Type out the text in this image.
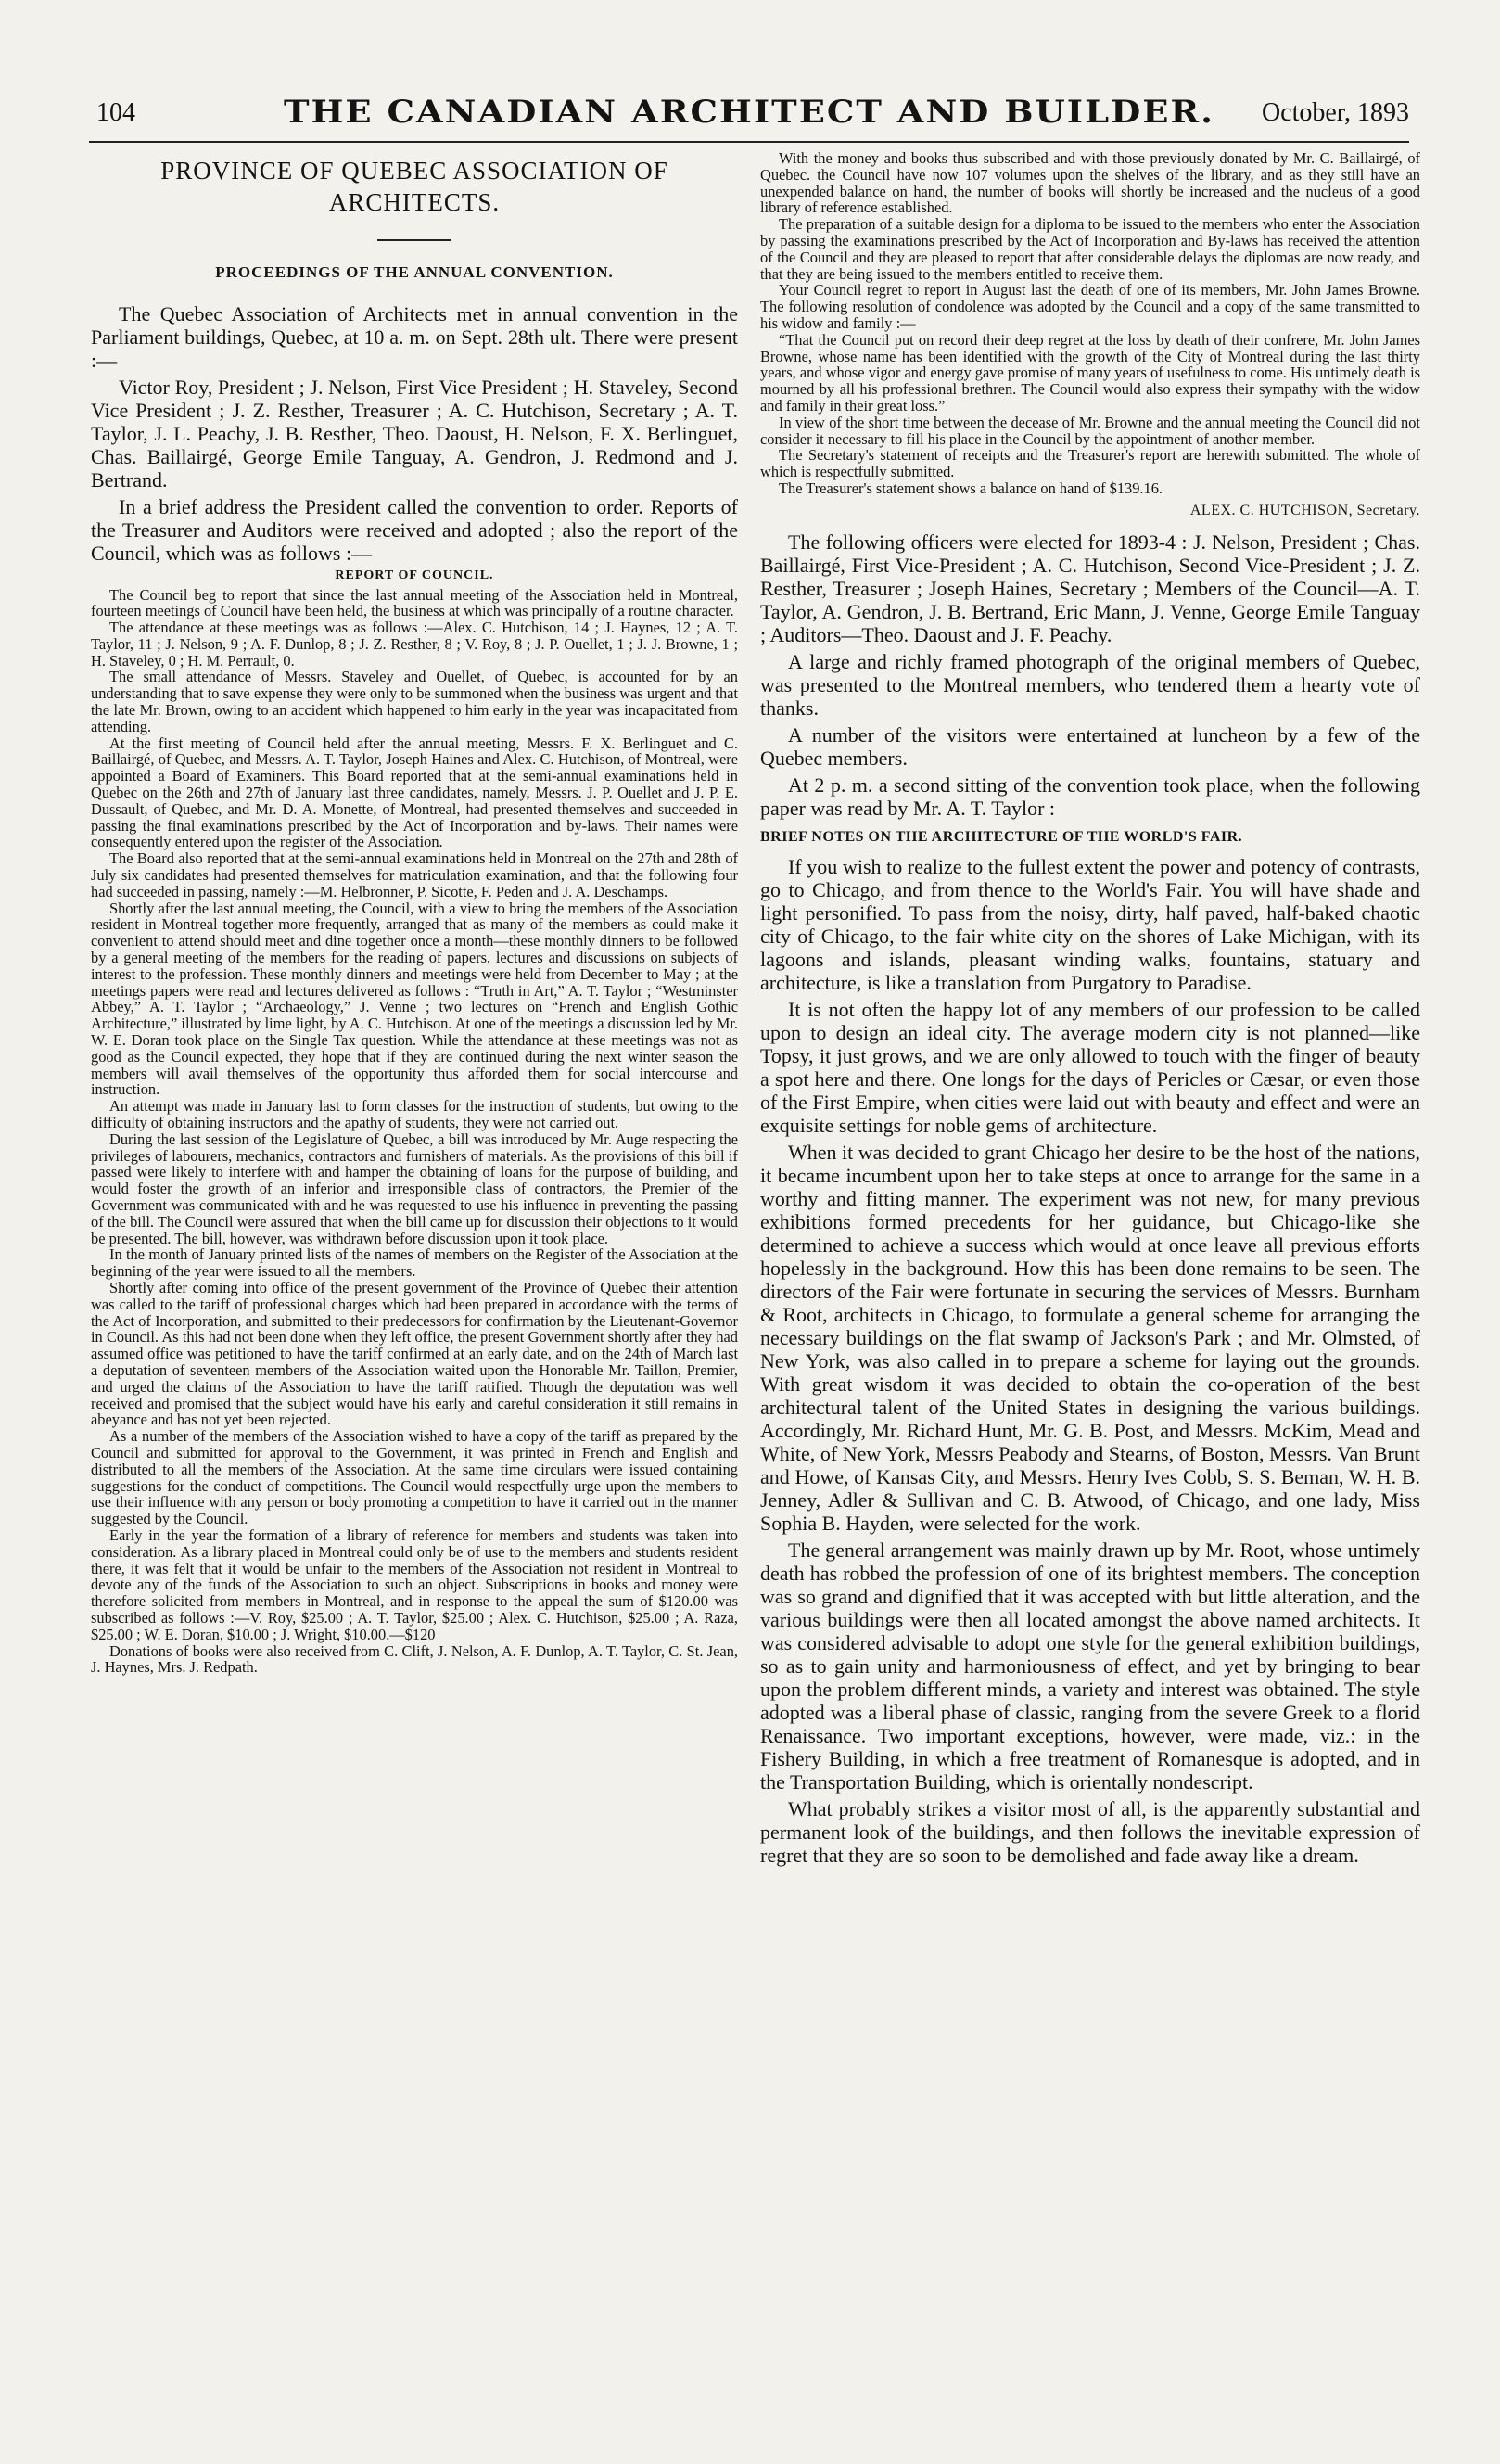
104	THE CANADIAN ARCHITECT AND BUILDER.	October, 1893
PROVINCE OF QUEBEC ASSOCIATION OF ARCHITECTS.
PROCEEDINGS OF THE ANNUAL CONVENTION.

The Quebec Association of Architects met in annual convention in the Parliament buildings, Quebec, at 10 a. m. on Sept. 28th ult. There were present :—

Victor Roy, President ; J. Nelson, First Vice President ; H. Staveley, Second Vice President ; J. Z. Resther, Treasurer ; A. C. Hutchison, Secretary ; A. T. Taylor, J. L. Peachy, J. B. Resther, Theo. Daoust, H. Nelson, F. X. Berlinguet, Chas. Baillairgé, George Emile Tanguay, A. Gendron, J. Redmond and J. Bertrand.

In a brief address the President called the convention to order. Reports of the Treasurer and Auditors were received and adopted ; also the report of the Council, which was as follows :—

REPORT OF COUNCIL.

The Council beg to report that since the last annual meeting of the Association held in Montreal, fourteen meetings of Council have been held, the business at which was principally of a routine character.

The attendance at these meetings was as follows :—Alex. C. Hutchison, 14 ; J. Haynes, 12 ; A. T. Taylor, 11 ; J. Nelson, 9 ; A. F. Dunlop, 8 ; J. Z. Resther, 8 ; V. Roy, 8 ; J. P. Ouellet, 1 ; J. J. Browne, 1 ; H. Staveley, 0 ; H. M. Perrault, 0.

The small attendance of Messrs. Staveley and Ouellet, of Quebec, is accounted for by an understanding that to save expense they were only to be summoned when the business was urgent and that the late Mr. Brown, owing to an accident which happened to him early in the year was incapacitated from attending.

At the first meeting of Council held after the annual meeting, Messrs. F. X. Berlinguet and C. Baillairgé, of Quebec, and Messrs. A. T. Taylor, Joseph Haines and Alex. C. Hutchison, of Montreal, were appointed a Board of Examiners. This Board reported that at the semi-annual examinations held in Quebec on the 26th and 27th of January last three candidates, namely, Messrs. J. P. Ouellet and J. P. E. Dussault, of Quebec, and Mr. D. A. Monette, of Montreal, had presented themselves and succeeded in passing the final examinations prescribed by the Act of Incorporation and by-laws. Their names were consequently entered upon the register of the Association.

The Board also reported that at the semi-annual examinations held in Montreal on the 27th and 28th of July six candidates had presented themselves for matriculation examination, and that the following four had succeeded in passing, namely :—M. Helbronner, P. Sicotte, F. Peden and J. A. Deschamps.

Shortly after the last annual meeting, the Council, with a view to bring the members of the Association resident in Montreal together more frequently, arranged that as many of the members as could make it convenient to attend should meet and dine together once a month—these monthly dinners to be followed by a general meeting of the members for the reading of papers, lectures and discussions on subjects of interest to the profession. These monthly dinners and meetings were held from December to May ; at the meetings papers were read and lectures delivered as follows : “Truth in Art,” A. T. Taylor ; “Westminster Abbey,” A. T. Taylor ; “Archaeology,” J. Venne ; two lectures on “French and English Gothic Architecture,” illustrated by lime light, by A. C. Hutchison. At one of the meetings a discussion led by Mr. W. E. Doran took place on the Single Tax question. While the attendance at these meetings was not as good as the Council expected, they hope that if they are continued during the next winter season the members will avail themselves of the opportunity thus afforded them for social intercourse and instruction.

An attempt was made in January last to form classes for the instruction of students, but owing to the difficulty of obtaining instructors and the apathy of students, they were not carried out.

During the last session of the Legislature of Quebec, a bill was introduced by Mr. Auge respecting the privileges of labourers, mechanics, contractors and furnishers of materials. As the provisions of this bill if passed were likely to interfere with and hamper the obtaining of loans for the purpose of building, and would foster the growth of an inferior and irresponsible class of contractors, the Premier of the Government was communicated with and he was requested to use his influence in preventing the passing of the bill. The Council were assured that when the bill came up for discussion their objections to it would be presented. The bill, however, was withdrawn before discussion upon it took place.

In the month of January printed lists of the names of members on the Register of the Association at the beginning of the year were issued to all the members.

Shortly after coming into office of the present government of the Province of Quebec their attention was called to the tariff of professional charges which had been prepared in accordance with the terms of the Act of Incorporation, and submitted to their predecessors for confirmation by the Lieutenant-Governor in Council. As this had not been done when they left office, the present Government shortly after they had assumed office was petitioned to have the tariff confirmed at an early date, and on the 24th of March last a deputation of seventeen members of the Association waited upon the Honorable Mr. Taillon, Premier, and urged the claims of the Association to have the tariff ratified. Though the deputation was well received and promised that the subject would have his early and careful consideration it still remains in abeyance and has not yet been rejected.

As a number of the members of the Association wished to have a copy of the tariff as prepared by the Council and submitted for approval to the Government, it was printed in French and English and distributed to all the members of the Association. At the same time circulars were issued containing suggestions for the conduct of competitions. The Council would respectfully urge upon the members to use their influence with any person or body promoting a competition to have it carried out in the manner suggested by the Council.

Early in the year the formation of a library of reference for members and students was taken into consideration. As a library placed in Montreal could only be of use to the members and students resident there, it was felt that it would be unfair to the members of the Association not resident in Montreal to devote any of the funds of the Association to such an object. Subscriptions in books and money were therefore solicited from members in Montreal, and in response to the appeal the sum of $120.00 was subscribed as follows :—V. Roy, $25.00 ; A. T. Taylor, $25.00 ; Alex. C. Hutchison, $25.00 ; A. Raza, $25.00 ; W. E. Doran, $10.00 ; J. Wright, $10.00.—$120

Donations of books were also received from C. Clift, J. Nelson, A. F. Dunlop, A. T. Taylor, C. St. Jean, J. Haynes, Mrs. J. Redpath.

With the money and books thus subscribed and with those previously donated by Mr. C. Baillairgé, of Quebec. the Council have now 107 volumes upon the shelves of the library, and as they still have an unexpended balance on hand, the number of books will shortly be increased and the nucleus of a good library of reference established.

The preparation of a suitable design for a diploma to be issued to the members who enter the Association by passing the examinations prescribed by the Act of Incorporation and By-laws has received the attention of the Council and they are pleased to report that after considerable delays the diplomas are now ready, and that they are being issued to the members entitled to receive them.

Your Council regret to report in August last the death of one of its members, Mr. John James Browne. The following resolution of condolence was adopted by the Council and a copy of the same transmitted to his widow and family :—

“That the Council put on record their deep regret at the loss by death of their confrere, Mr. John James Browne, whose name has been identified with the growth of the City of Montreal during the last thirty years, and whose vigor and energy gave promise of many years of usefulness to come. His untimely death is mourned by all his professional brethren. The Council would also express their sympathy with the widow and family in their great loss.”

In view of the short time between the decease of Mr. Browne and the annual meeting the Council did not consider it necessary to fill his place in the Council by the appointment of another member.

The Secretary's statement of receipts and the Treasurer's report are herewith submitted. The whole of which is respectfully submitted.

The Treasurer's statement shows a balance on hand of $139.16.

ALEX. C. HUTCHISON, Secretary.

The following officers were elected for 1893-4 : J. Nelson, President ; Chas. Baillairgé, First Vice-President ; A. C. Hutchison, Second Vice-President ; J. Z. Resther, Treasurer ; Joseph Haines, Secretary ; Members of the Council—A. T. Taylor, A. Gendron, J. B. Bertrand, Eric Mann, J. Venne, George Emile Tanguay ; Auditors—Theo. Daoust and J. F. Peachy.

A large and richly framed photograph of the original members of Quebec, was presented to the Montreal members, who tendered them a hearty vote of thanks.

A number of the visitors were entertained at luncheon by a few of the Quebec members.

At 2 p. m. a second sitting of the convention took place, when the following paper was read by Mr. A. T. Taylor :

BRIEF NOTES ON THE ARCHITECTURE OF THE WORLD'S FAIR.

If you wish to realize to the fullest extent the power and potency of contrasts, go to Chicago, and from thence to the World's Fair. You will have shade and light personified. To pass from the noisy, dirty, half paved, half-baked chaotic city of Chicago, to the fair white city on the shores of Lake Michigan, with its lagoons and islands, pleasant winding walks, fountains, statuary and architecture, is like a translation from Purgatory to Paradise.

It is not often the happy lot of any members of our profession to be called upon to design an ideal city. The average modern city is not planned—like Topsy, it just grows, and we are only allowed to touch with the finger of beauty a spot here and there. One longs for the days of Pericles or Cæsar, or even those of the First Empire, when cities were laid out with beauty and effect and were an exquisite settings for noble gems of architecture.

When it was decided to grant Chicago her desire to be the host of the nations, it became incumbent upon her to take steps at once to arrange for the same in a worthy and fitting manner. The experiment was not new, for many previous exhibitions formed precedents for her guidance, but Chicago-like she determined to achieve a success which would at once leave all previous efforts hopelessly in the background. How this has been done remains to be seen. The directors of the Fair were fortunate in securing the services of Messrs. Burnham & Root, architects in Chicago, to formulate a general scheme for arranging the necessary buildings on the flat swamp of Jackson's Park ; and Mr. Olmsted, of New York, was also called in to prepare a scheme for laying out the grounds. With great wisdom it was decided to obtain the co-operation of the best architectural talent of the United States in designing the various buildings. Accordingly, Mr. Richard Hunt, Mr. G. B. Post, and Messrs. McKim, Mead and White, of New York, Messrs Peabody and Stearns, of Boston, Messrs. Van Brunt and Howe, of Kansas City, and Messrs. Henry Ives Cobb, S. S. Beman, W. H. B. Jenney, Adler & Sullivan and C. B. Atwood, of Chicago, and one lady, Miss Sophia B. Hayden, were selected for the work.

The general arrangement was mainly drawn up by Mr. Root, whose untimely death has robbed the profession of one of its brightest members. The conception was so grand and dignified that it was accepted with but little alteration, and the various buildings were then all located amongst the above named architects. It was considered advisable to adopt one style for the general exhibition buildings, so as to gain unity and harmoniousness of effect, and yet by bringing to bear upon the problem different minds, a variety and interest was obtained. The style adopted was a liberal phase of classic, ranging from the severe Greek to a florid Renaissance. Two important exceptions, however, were made, viz.: in the Fishery Building, in which a free treatment of Romanesque is adopted, and in the Transportation Building, which is orientally nondescript.

What probably strikes a visitor most of all, is the apparently substantial and permanent look of the buildings, and then follows the inevitable expression of regret that they are so soon to be demolished and fade away like a dream.
